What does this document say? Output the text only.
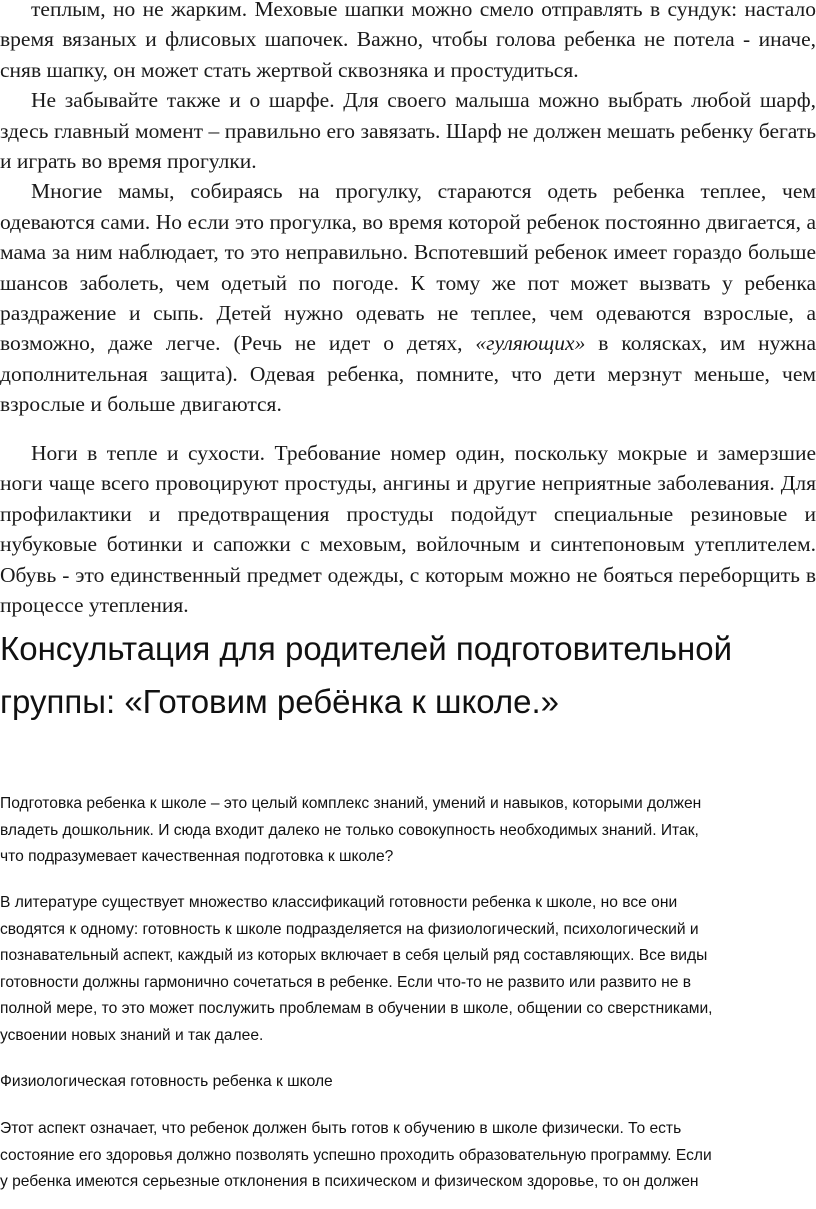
теплым, но не жарким. Меховые шапки можно смело отправлять в сундук: настало время вязаных и флисовых шапочек. Важно, чтобы голова ребенка не потела - иначе, сняв шапку, он может стать жертвой сквозняка и простудиться.

Не забывайте также и о шарфе. Для своего малыша можно выбрать любой шарф, здесь главный момент – правильно его завязать. Шарф не должен мешать ребенку бегать и играть во время прогулки.

Многие мамы, собираясь на прогулку, стараются одеть ребенка теплее, чем одеваются сами. Но если это прогулка, во время которой ребенок постоянно двигается, а мама за ним наблюдает, то это неправильно. Вспотевший ребенок имеет гораздо больше шансов заболеть, чем одетый по погоде. К тому же пот может вызвать у ребенка раздражение и сыпь. Детей нужно одевать не теплее, чем одеваются взрослые, а возможно, даже легче. (Речь не идет о детях, «гуляющих» в колясках, им нужна дополнительная защита). Одевая ребенка, помните, что дети мерзнут меньше, чем взрослые и больше двигаются.

Ноги в тепле и сухости. Требование номер один, поскольку мокрые и замерзшие ноги чаще всего провоцируют простуды, ангины и другие неприятные заболевания. Для профилактики и предотвращения простуды подойдут специальные резиновые и нубуковые ботинки и сапожки с меховым, войлочным и синтепоновым утеплителем. Обувь - это единственный предмет одежды, с которым можно не бояться переборщить в процессе утепления.

Консультация для родителей подготовительной
группы: «Готовим ребёнка к школе.»

Подготовка ребенка к школе – это целый комплекс знаний, умений и навыков, которыми должен
владеть дошкольник. И сюда входит далеко не только совокупность необходимых знаний. Итак,
что подразумевает качественная подготовка к школе?

В литературе существует множество классификаций готовности ребенка к школе, но все они
сводятся к одному: готовность к школе подразделяется на физиологический, психологический и
познавательный аспект, каждый из которых включает в себя целый ряд составляющих. Все виды
готовности должны гармонично сочетаться в ребенке. Если что-то не развито или развито не в
полной мере, то это может послужить проблемам в обучении в школе, общении со сверстниками,
усвоении новых знаний и так далее.

Физиологическая готовность ребенка к школе

Этот аспект означает, что ребенок должен быть готов к обучению в школе физически. То есть
состояние его здоровья должно позволять успешно проходить образовательную программу. Если
у ребенка имеются серьезные отклонения в психическом и физическом здоровье, то он должен
